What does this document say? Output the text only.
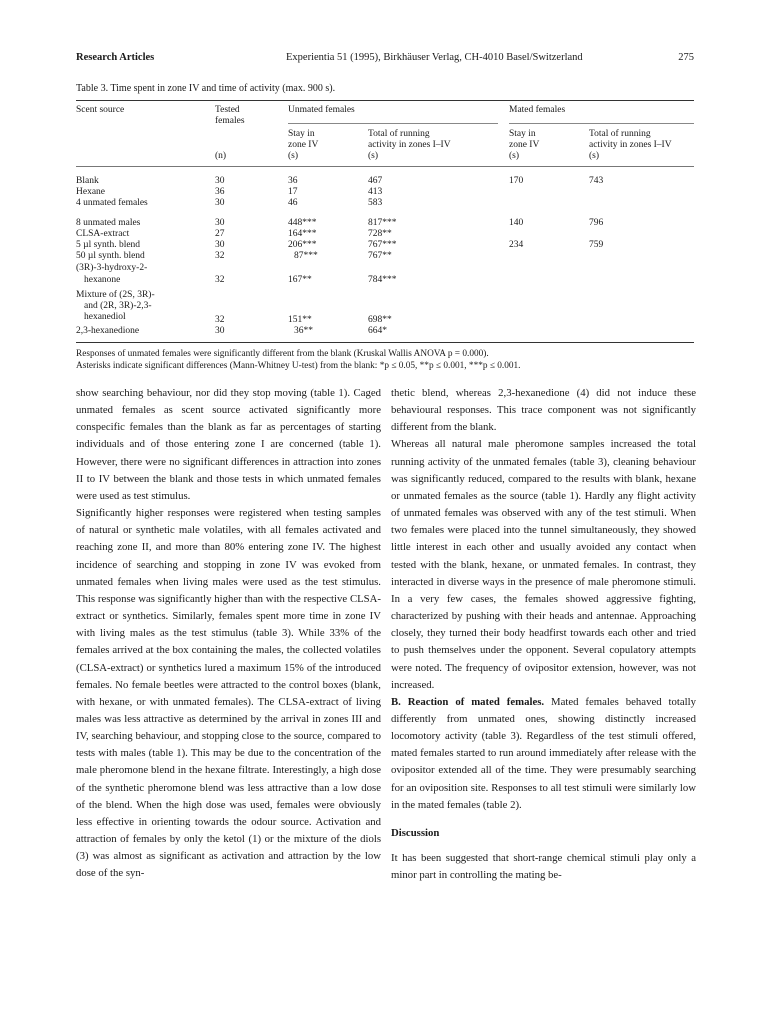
Research Articles	Experientia 51 (1995), Birkhäuser Verlag, CH-4010 Basel/Switzerland	275
Table 3. Time spent in zone IV and time of activity (max. 900 s).
Scent source	Tested
females
Unmated females	Mated females
Stay in
zone IV
(s)
Total of running
activity in zones I–IV
(s)
Stay in
zone IV
(s)
Total of running
activity in zones I–IV
(s)
(n)
Blank	30	36	467	170	743
Hexane	36	17	413
4 unmated females	30	46	583
8 unmated males	30	448***	817***	140	796
CLSA-extract	27	164***	728**
5 µl synth. blend	30	206***	767***	234	759
50 µl synth. blend	32	87***	767**
(3R)-3-hydroxy-2-
hexanone	32	167**	784***
Mixture of (2S, 3R)-
and (2R, 3R)-2,3-
hexanediol	32	151**	698**
2,3-hexanedione	30	36**	664*
Responses of unmated females were significantly different from the blank (Kruskal Wallis ANOVA p = 0.000).
Asterisks indicate significant differences (Mann-Whitney U-test) from the blank: *p ≤ 0.05, **p ≤ 0.001, ***p ≤ 0.001.

show searching behaviour, nor did they stop moving (table 1). Caged unmated females as scent source activated significantly more conspecific females than the blank as far as percentages of starting individuals and of those entering zone I are concerned (table 1). However, there were no significant differences in attraction into zones II to IV between the blank and those tests in which unmated females were used as test stimulus.

Significantly higher responses were registered when testing samples of natural or synthetic male volatiles, with all females activated and reaching zone II, and more than 80% entering zone IV. The highest incidence of searching and stopping in zone IV was evoked from unmated females when living males were used as the test stimulus. This response was significantly higher than with the respective CLSA-extract or synthetics. Similarly, females spent more time in zone IV with living males as the test stimulus (table 3). While 33% of the females arrived at the box containing the males, the collected volatiles (CLSA-extract) or synthetics lured a maximum 15% of the introduced females. No female beetles were attracted to the control boxes (blank, with hexane, or with unmated females). The CLSA-extract of living males was less attractive as determined by the arrival in zones III and IV, searching behaviour, and stopping close to the source, compared to tests with males (table 1). This may be due to the concentration of the male pheromone blend in the hexane filtrate. Interestingly, a high dose of the synthetic pheromone blend was less attractive than a low dose of the blend. When the high dose was used, females were obviously less effective in orienting towards the odour source. Activation and attraction of females by only the ketol (1) or the mixture of the diols (3) was almost as significant as activation and attraction by the low dose of the syn-

thetic blend, whereas 2,3-hexanedione (4) did not induce these behavioural responses. This trace component was not significantly different from the blank.

Whereas all natural male pheromone samples increased the total running activity of the unmated females (table 3), cleaning behaviour was significantly reduced, compared to the results with blank, hexane or unmated females as the source (table 1). Hardly any flight activity of unmated females was observed with any of the test stimuli. When two females were placed into the tunnel simultaneously, they showed little interest in each other and usually avoided any contact when tested with the blank, hexane, or unmated females. In contrast, they interacted in diverse ways in the presence of male pheromone stimuli. In a very few cases, the females showed aggressive fighting, characterized by pushing with their heads and antennae. Approaching closely, they turned their body headfirst towards each other and tried to push themselves under the opponent. Several copulatory attempts were noted. The frequency of ovipositor extension, however, was not increased.

B. Reaction of mated females. Mated females behaved totally differently from unmated ones, showing distinctly increased locomotory activity (table 3). Regardless of the test stimuli offered, mated females started to run around immediately after release with the ovipositor extended all of the time. They were presumably searching for an oviposition site. Responses to all test stimuli were similarly low in the mated females (table 2).

Discussion

It has been suggested that short-range chemical stimuli play only a minor part in controlling the mating be-
